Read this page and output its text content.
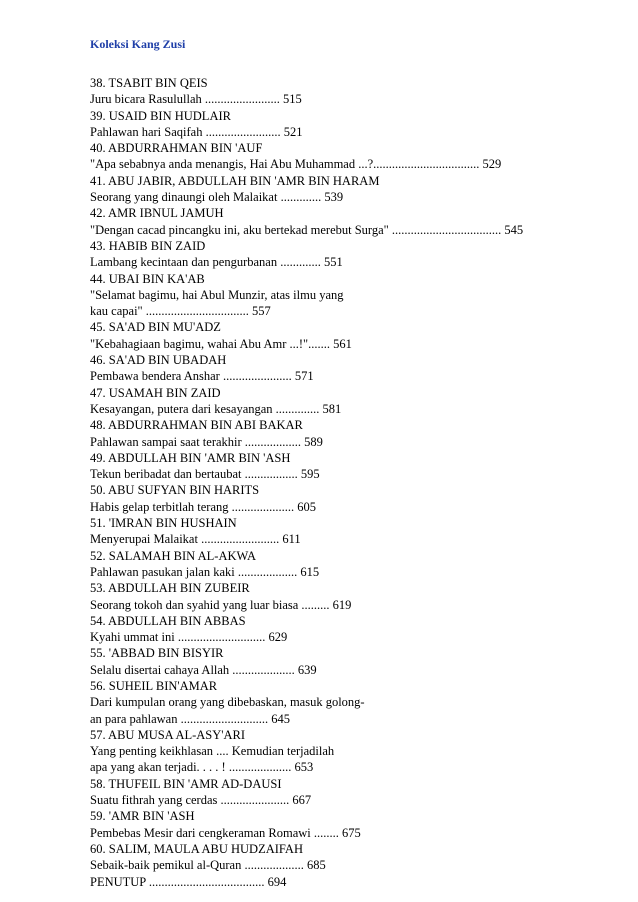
Koleksi Kang Zusi
38. TSABIT BIN QEIS
Juru bicara Rasulullah ........................ 515
39. USAID BIN HUDLAIR
Pahlawan hari Saqifah ........................ 521
40. ABDURRAHMAN BIN 'AUF
"Apa sebabnya anda menangis, Hai Abu Muhammad ...?.................................. 529
41. ABU JABIR, ABDULLAH BIN 'AMR BIN HARAM
Seorang yang dinaungi oleh Malaikat ............. 539
42. AMR IBNUL JAMUH
"Dengan cacad pincangku ini, aku bertekad merebut Surga" ................................... 545
43. HABIB BIN ZAID
Lambang kecintaan dan pengurbanan ............. 551
44. UBAI BIN KA'AB
"Selamat bagimu, hai Abul Munzir, atas ilmu yang
kau capai" ................................. 557
45. SA'AD BIN MU'ADZ
"Kebahagiaan bagimu, wahai Abu Amr ...!"....... 561
46. SA'AD BIN UBADAH
Pembawa bendera Anshar ...................... 571
47. USAMAH BIN ZAID
Kesayangan, putera dari kesayangan .............. 581
48. ABDURRAHMAN BIN ABI BAKAR
Pahlawan sampai saat terakhir .................. 589
49. ABDULLAH BIN 'AMR BIN 'ASH
Tekun beribadat dan bertaubat ................. 595
50. ABU SUFYAN BIN HARITS
Habis gelap terbitlah terang .................... 605
51. 'IMRAN BIN HUSHAIN
Menyerupai Malaikat ......................... 611
52. SALAMAH BIN AL-AKWA
Pahlawan pasukan jalan kaki ................... 615
53. ABDULLAH BIN ZUBEIR
Seorang tokoh dan syahid yang luar biasa ......... 619
54. ABDULLAH BIN ABBAS
Kyahi ummat ini ............................ 629
55. 'ABBAD BIN BISYIR
Selalu disertai cahaya Allah .................... 639
56. SUHEIL BIN'AMAR
Dari kumpulan orang yang dibebaskan, masuk golong-
an para pahlawan ............................ 645
57. ABU MUSA AL-ASY'ARI
Yang penting keikhlasan .... Kemudian terjadilah
apa yang akan terjadi. . . . ! .................... 653
58. THUFEIL BIN 'AMR AD-DAUSI
Suatu fithrah yang cerdas ...................... 667
59. 'AMR BIN 'ASH
Pembebas Mesir dari cengkeraman Romawi ........ 675
60. SALIM, MAULA ABU HUDZAIFAH
Sebaik-baik pemikul al-Quran ................... 685
PENUTUP ..................................... 694
